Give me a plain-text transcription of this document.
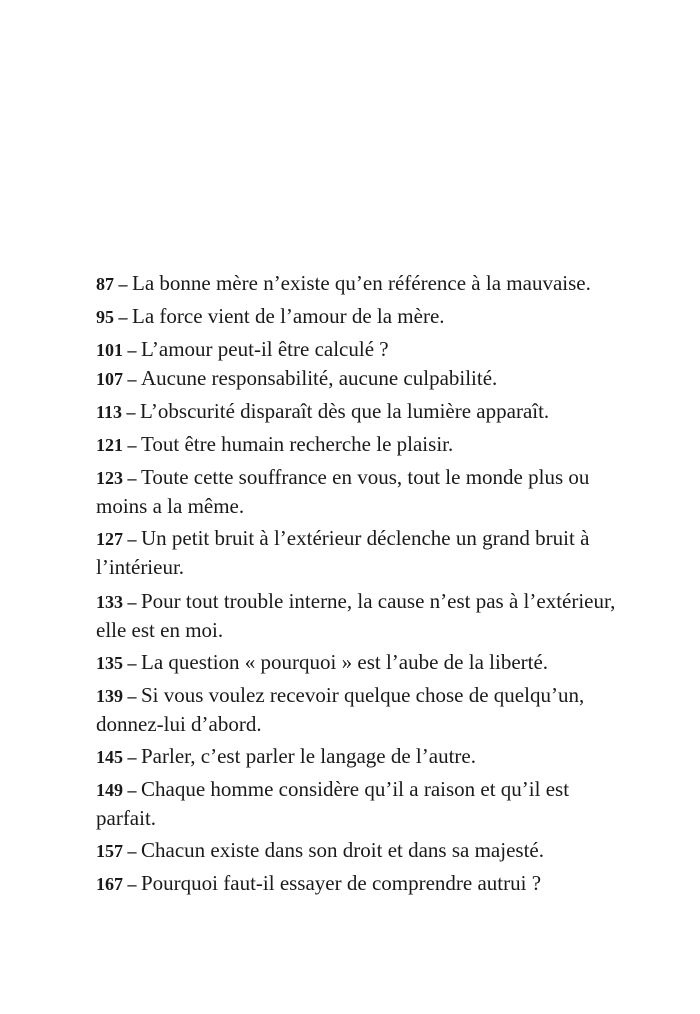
87 – La bonne mère n’existe qu’en référence à la mauvaise.
95 – La force vient de l’amour de la mère.
101 – L’amour peut-il être calculé ?
107 – Aucune responsabilité, aucune culpabilité.
113 – L’obscurité disparaît dès que la lumière apparaît.
121 – Tout être humain recherche le plaisir.
123 – Toute cette souffrance en vous, tout le monde plus ou moins a la même.
127 – Un petit bruit à l’extérieur déclenche un grand bruit à l’intérieur.
133 – Pour tout trouble interne, la cause n’est pas à l’extérieur, elle est en moi.
135 – La question « pourquoi » est l’aube de la liberté.
139 – Si vous voulez recevoir quelque chose de quelqu’un, donnez-lui d’abord.
145 – Parler, c’est parler le langage de l’autre.
149 – Chaque homme considère qu’il a raison et qu’il est parfait.
157 – Chacun existe dans son droit et dans sa majesté.
167 – Pourquoi faut-il essayer de comprendre autrui ?
